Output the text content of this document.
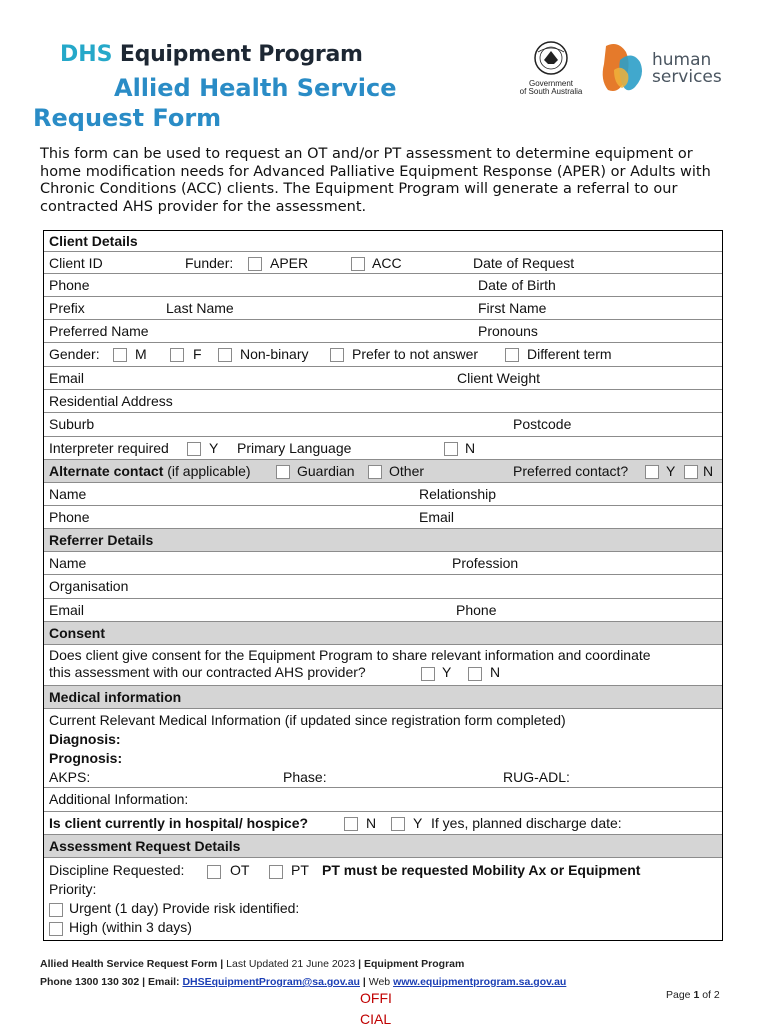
DHS Equipment Program
Allied Health Service
Request Form
Government
of South Australia
human
services
This form can be used to request an OT and/or PT assessment to determine equipment or home modification needs for Advanced Palliative Equipment Response (APER) or Adults with Chronic Conditions (ACC) clients. The Equipment Program will generate a referral to our contracted AHS provider for the assessment.
Client Details
Client ID	Funder:	APER	ACC	Date of Request
Phone	Date of Birth
Prefix	Last Name	First Name
Preferred Name	Pronouns
Gender:	M	F	Non-binary	Prefer to not answer	Different term
Email	Client Weight
Residential Address
Suburb	Postcode
Interpreter required	Y Primary Language	N
Alternate contact (if applicable)	Guardian Other	Preferred contact?	Y N
Name	Relationship
Phone	Email
Referrer Details
Name	Profession
Organisation
Email	Phone
Consent
Does client give consent for the Equipment Program to share relevant information and coordinate
this assessment with our contracted AHS provider?	Y	N
Medical information
Current Relevant Medical Information (if updated since registration form completed)
Diagnosis:
Prognosis:
AKPS:	Phase:	RUG-ADL:
Additional Information:
Is client currently in hospital/ hospice?	N	Y If yes, planned discharge date:
Assessment Request Details
Discipline Requested:	OT	PT PT must be requested Mobility Ax or Equipment
Priority:
Urgent (1 day) Provide risk identified:
High (within 3 days)
Allied Health Service Request Form | Last Updated 21 June 2023 | Equipment Program
Phone 1300 130 302 | Email: DHSEquipmentProgram@sa.gov.au | Web www.equipmentprogram.sa.gov.au
Page 1 of 2
OFFI
CIAL
